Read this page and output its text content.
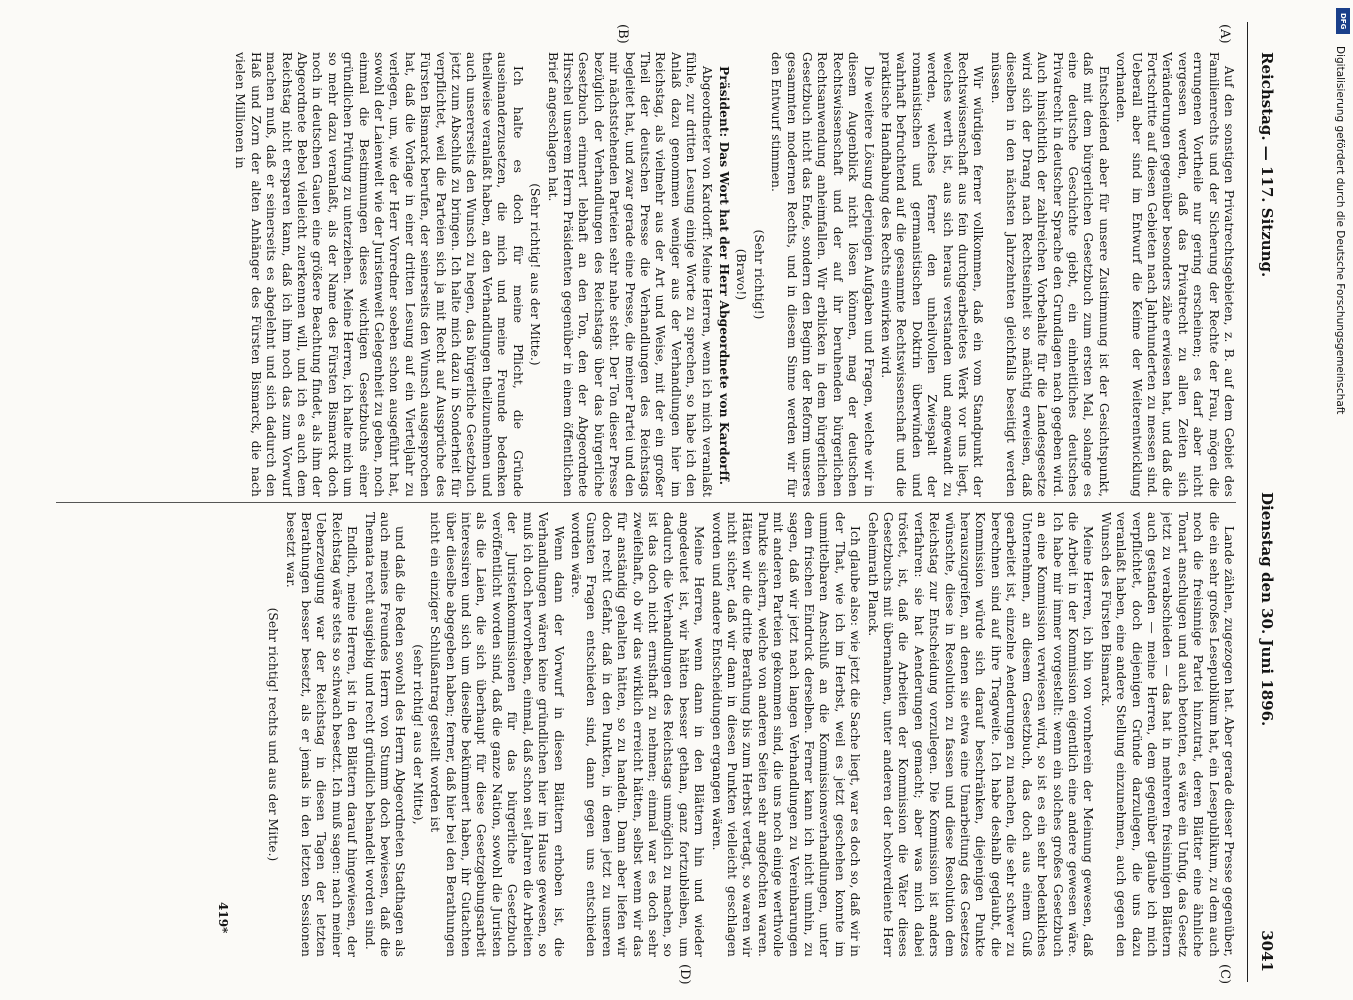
Reichstag. — 117. Sitzung.
Dienstag den 30. Juni 1896.
3041
(A)
(B)
(C)
(D)

Auf den sonstigen Privatrechtsgebieten, z. B. auf dem Gebiet des Familienrechts und der Sicherung der Rechte der Frau, mögen die errungenen Vortheile nur gering erscheinen; es darf aber nicht vergessen werden, daß das Privatrecht zu allen Zeiten sich Veränderungen gegenüber besonders zähe erwiesen hat, und daß die Fortschritte auf diesen Gebieten nach Jahrhunderten zu messen sind. Ueberall aber sind im Entwurf die Keime der Weiterentwicklung vorhanden.

Entscheidend aber für unsere Zustimmung ist der Gesichtspunkt, daß mit dem bürgerlichen Gesetzbuch zum ersten Mal, solange es eine deutsche Geschichte giebt, ein einheitliches deutsches Privatrecht in deutscher Sprache den Grundlagen nach gegeben wird. Auch hinsichtlich der zahlreichen Vorbehalte für die Landesgesetze wird sich der Drang nach Rechtseinheit so mächtig erweisen, daß dieselben in den nächsten Jahrzehnten gleichfalls beseitigt werden müssen.

Wir würdigen ferner vollkommen, daß ein vom Standpunkt der Rechtswissenschaft aus fein durchgearbeitetes Werk vor uns liegt, welches werth ist, aus sich heraus verstanden und angewandt zu werden, welches ferner den unheilvollen Zwiespalt der romanistischen und germanistischen Doktrin überwinden und wahrhaft befruchtend auf die gesammte Rechtswissenschaft und die praktische Handhabung des Rechts einwirken wird.

Die weitere Lösung derjenigen Aufgaben und Fragen, welche wir in diesem Augenblick nicht lösen können, mag der deutschen Rechtswissenschaft und der auf ihr beruhenden bürgerlichen Rechtsanwendung anheimfallen. Wir erblicken in dem bürgerlichen Gesetzbuch nicht das Ende, sondern den Beginn der Reform unseres gesammten modernen Rechts, und in diesem Sinne werden wir für den Entwurf stimmen.

(Sehr richtig!)

(Bravo!)

Präsident: Das Wort hat der Herr Abgeordnete von Kardorff.

Abgeordneter von Kardorff: Meine Herren, wenn ich mich veranlaßt fühle, zur dritten Lesung einige Worte zu sprechen, so habe ich den Anlaß dazu genommen weniger aus der Verhandlungen hier im Reichstag, als vielmehr aus der Art und Weise, mit der ein großer Theil der deutschen Presse die Verhandlungen des Reichstags begleitet hat, und zwar gerade eine Presse, die meiner Partei und den mir nächststehenden Parteien sehr nahe steht. Der Ton dieser Presse bezüglich der Verhandlungen des Reichstags über das bürgerliche Gesetzbuch erinnert lebhaft an den Ton, den der Abgeordnete Hirschel unserem Herrn Präsidenten gegenüber in einem öffentlichen Brief angeschlagen hat.

(Sehr richtig! aus der Mitte.)

Ich halte es doch für meine Pflicht, die Gründe auseinanderzusetzen, die mich und meine Freunde bedenken theilweise veranlaßt haben, an den Verhandlungen theilzunehmen und auch unsererseits den Wunsch zu hegen, das bürgerliche Gesetzbuch jetzt zum Abschluß zu bringen. Ich halte mich dazu in Sonderheit für verpflichtet, weil die Parteien sich ja mit Recht auf Aussprüche des Fürsten Bismarck berufen, der seinerseits den Wunsch ausgesprochen hat, daß die Vorlage in einer dritten Lesung auf ein Vierteljahr zu verlegen, um, wie der Herr Vorredner soeben schon ausgeführt hat, sowohl der Laienwelt wie der Juristenwelt Gelegenheit zu geben, noch einmal die Bestimmungen dieses wichtigen Gesetzbuchs einer gründlichen Prüfung zu unterziehen. Meine Herren, ich halte mich um so mehr dazu veranlaßt, als der Name des Fürsten Bismarck doch noch in deutschen Gauen eine größere Beachtung findet, als ihm der Abgeordnete Bebel vielleicht zuerkennen will, und ich es auch dem Reichstag nicht ersparen kann, daß ich ihm noch das zum Vorwurf machen muß, daß er seinerseits es abgelehnt und sich dadurch den Haß und Zorn der alten Anhänger des Fürsten Bismarck, die nach vielen Millionen in

Lande zählen, zugezogen hat. Aber gerade dieser Presse gegenüber, die ein sehr großes Lesepublikum hat, ein Lesepublikum, zu dem auch noch die freisinnige Partei hinzutrat, deren Blätter eine ähnliche Tonart anschlugen und auch betonten, es wäre ein Unfug, das Gesetz jetzt zu verabschieden — das hat in mehreren freisinnigen Blättern auch gestanden — meine Herren, dem gegenüber glaube ich mich verpflichtet, doch diejenigen Gründe darzulegen, die uns dazu veranlaßt haben, eine andere Stellung einzunehmen, auch gegen den Wunsch des Fürsten Bismarck.

Meine Herren, ich bin von vornherein der Meinung gewesen, daß die Arbeit in der Kommission eigentlich eine andere gewesen wäre. Ich habe mir immer vorgestellt: wenn ein solches großes Gesetzbuch an eine Kommission verwiesen wird, so ist es ein sehr bedenkliches Unternehmen, an diesem Gesetzbuch, das doch aus einem Guß gearbeitet ist, einzelne Aenderungen zu machen, die sehr schwer zu berechnen sind auf ihre Tragweite. Ich habe deshalb geglaubt, die Kommission würde sich darauf beschränken, diejenigen Punkte herauszugreifen, an denen sie etwa eine Umarbeitung des Gesetzes wünschte, diese in Resolution zu fassen und diese Resolution dem Reichstag zur Entscheidung vorzulegen. Die Kommission ist anders verfahren: sie hat Aenderungen gemacht; aber was mich dabei tröstet, ist, daß die Arbeiten der Kommission die Väter dieses Gesetzbuchs mit übernahmen, unter anderen der hochverdiente Herr Geheimrath Planck.

Ich glaube also: wie jetzt die Sache liegt, war es doch so, daß wir in der That, wie ich im Herbst, weil es jetzt geschehen konnte im unmittelbaren Anschluß an die Kommissionsverhandlungen, unter dem frischen Eindruck derselben. Ferner kann ich nicht umhin, zu sagen, daß wir jetzt nach langen Verhandlungen zu Vereinbarungen mit anderen Parteien gekommen sind, die uns noch einige werthvolle Punkte sichern, welche von anderen Seiten sehr angefochten waren. Hätten wir die dritte Berathung bis zum Herbst vertagt, so waren wir nicht sicher, daß wir dann in diesen Punkten vielleicht geschlagen worden und andere Entscheidungen ergangen wären.

Meine Herren, wenn dann in den Blättern hin und wieder angedeutet ist, wir hätten besser gethan, ganz fortzubleiben, um dadurch die Verhandlungen des Reichstags unmöglich zu machen, so ist das doch nicht ernsthaft zu nehmen; einmal war es doch sehr zweifelhaft, ob wir das wirklich erreicht hätten, selbst wenn wir das für anständig gehalten hätten, so zu handeln. Dann aber liefen wir doch recht Gefahr, daß in den Punkten, in denen jetzt zu unseren Gunsten Fragen entschieden sind, dann gegen uns entschieden worden wäre.

Wenn dann der Vorwurf in diesen Blättern erhoben ist, die Verhandlungen wären keine gründlichen hier im Hause gewesen, so muß ich doch hervorheben, einmal, daß schon seit Jahren die Arbeiten der Juristenkommissionen für das bürgerliche Gesetzbuch veröffentlicht worden sind, daß die ganze Nation, sowohl die Juristen als die Laien, die sich überhaupt für diese Gesetzgebungsarbeit interessiren und sich um dieselbe bekümmert haben, ihr Gutachten über dieselbe abgegeben haben; ferner, daß hier bei den Berathungen nicht ein einziger Schlußantrag gestellt worden ist

(sehr richtig! aus der Mitte),

und daß die Reden sowohl des Herrn Abgeordneten Stadthagen als auch meines Freundes Herrn von Stumm doch bewiesen, daß die Themata recht ausgiebig und recht gründlich behandelt worden sind.

Endlich, meine Herren, ist in den Blättern darauf hingewiesen, der Reichstag wäre stets so schwach besetzt. Ich muß sagen: nach meiner Ueberzeugung war der Reichstag in diesen Tagen der letzten Berathungen besser besetzt, als er jemals in den letzten Sessionen besetzt war.

(Sehr richtig! rechts und aus der Mitte.)

419*
DFG
Digitalisierung gefördert durch die Deutsche Forschungsgemeinschaft
